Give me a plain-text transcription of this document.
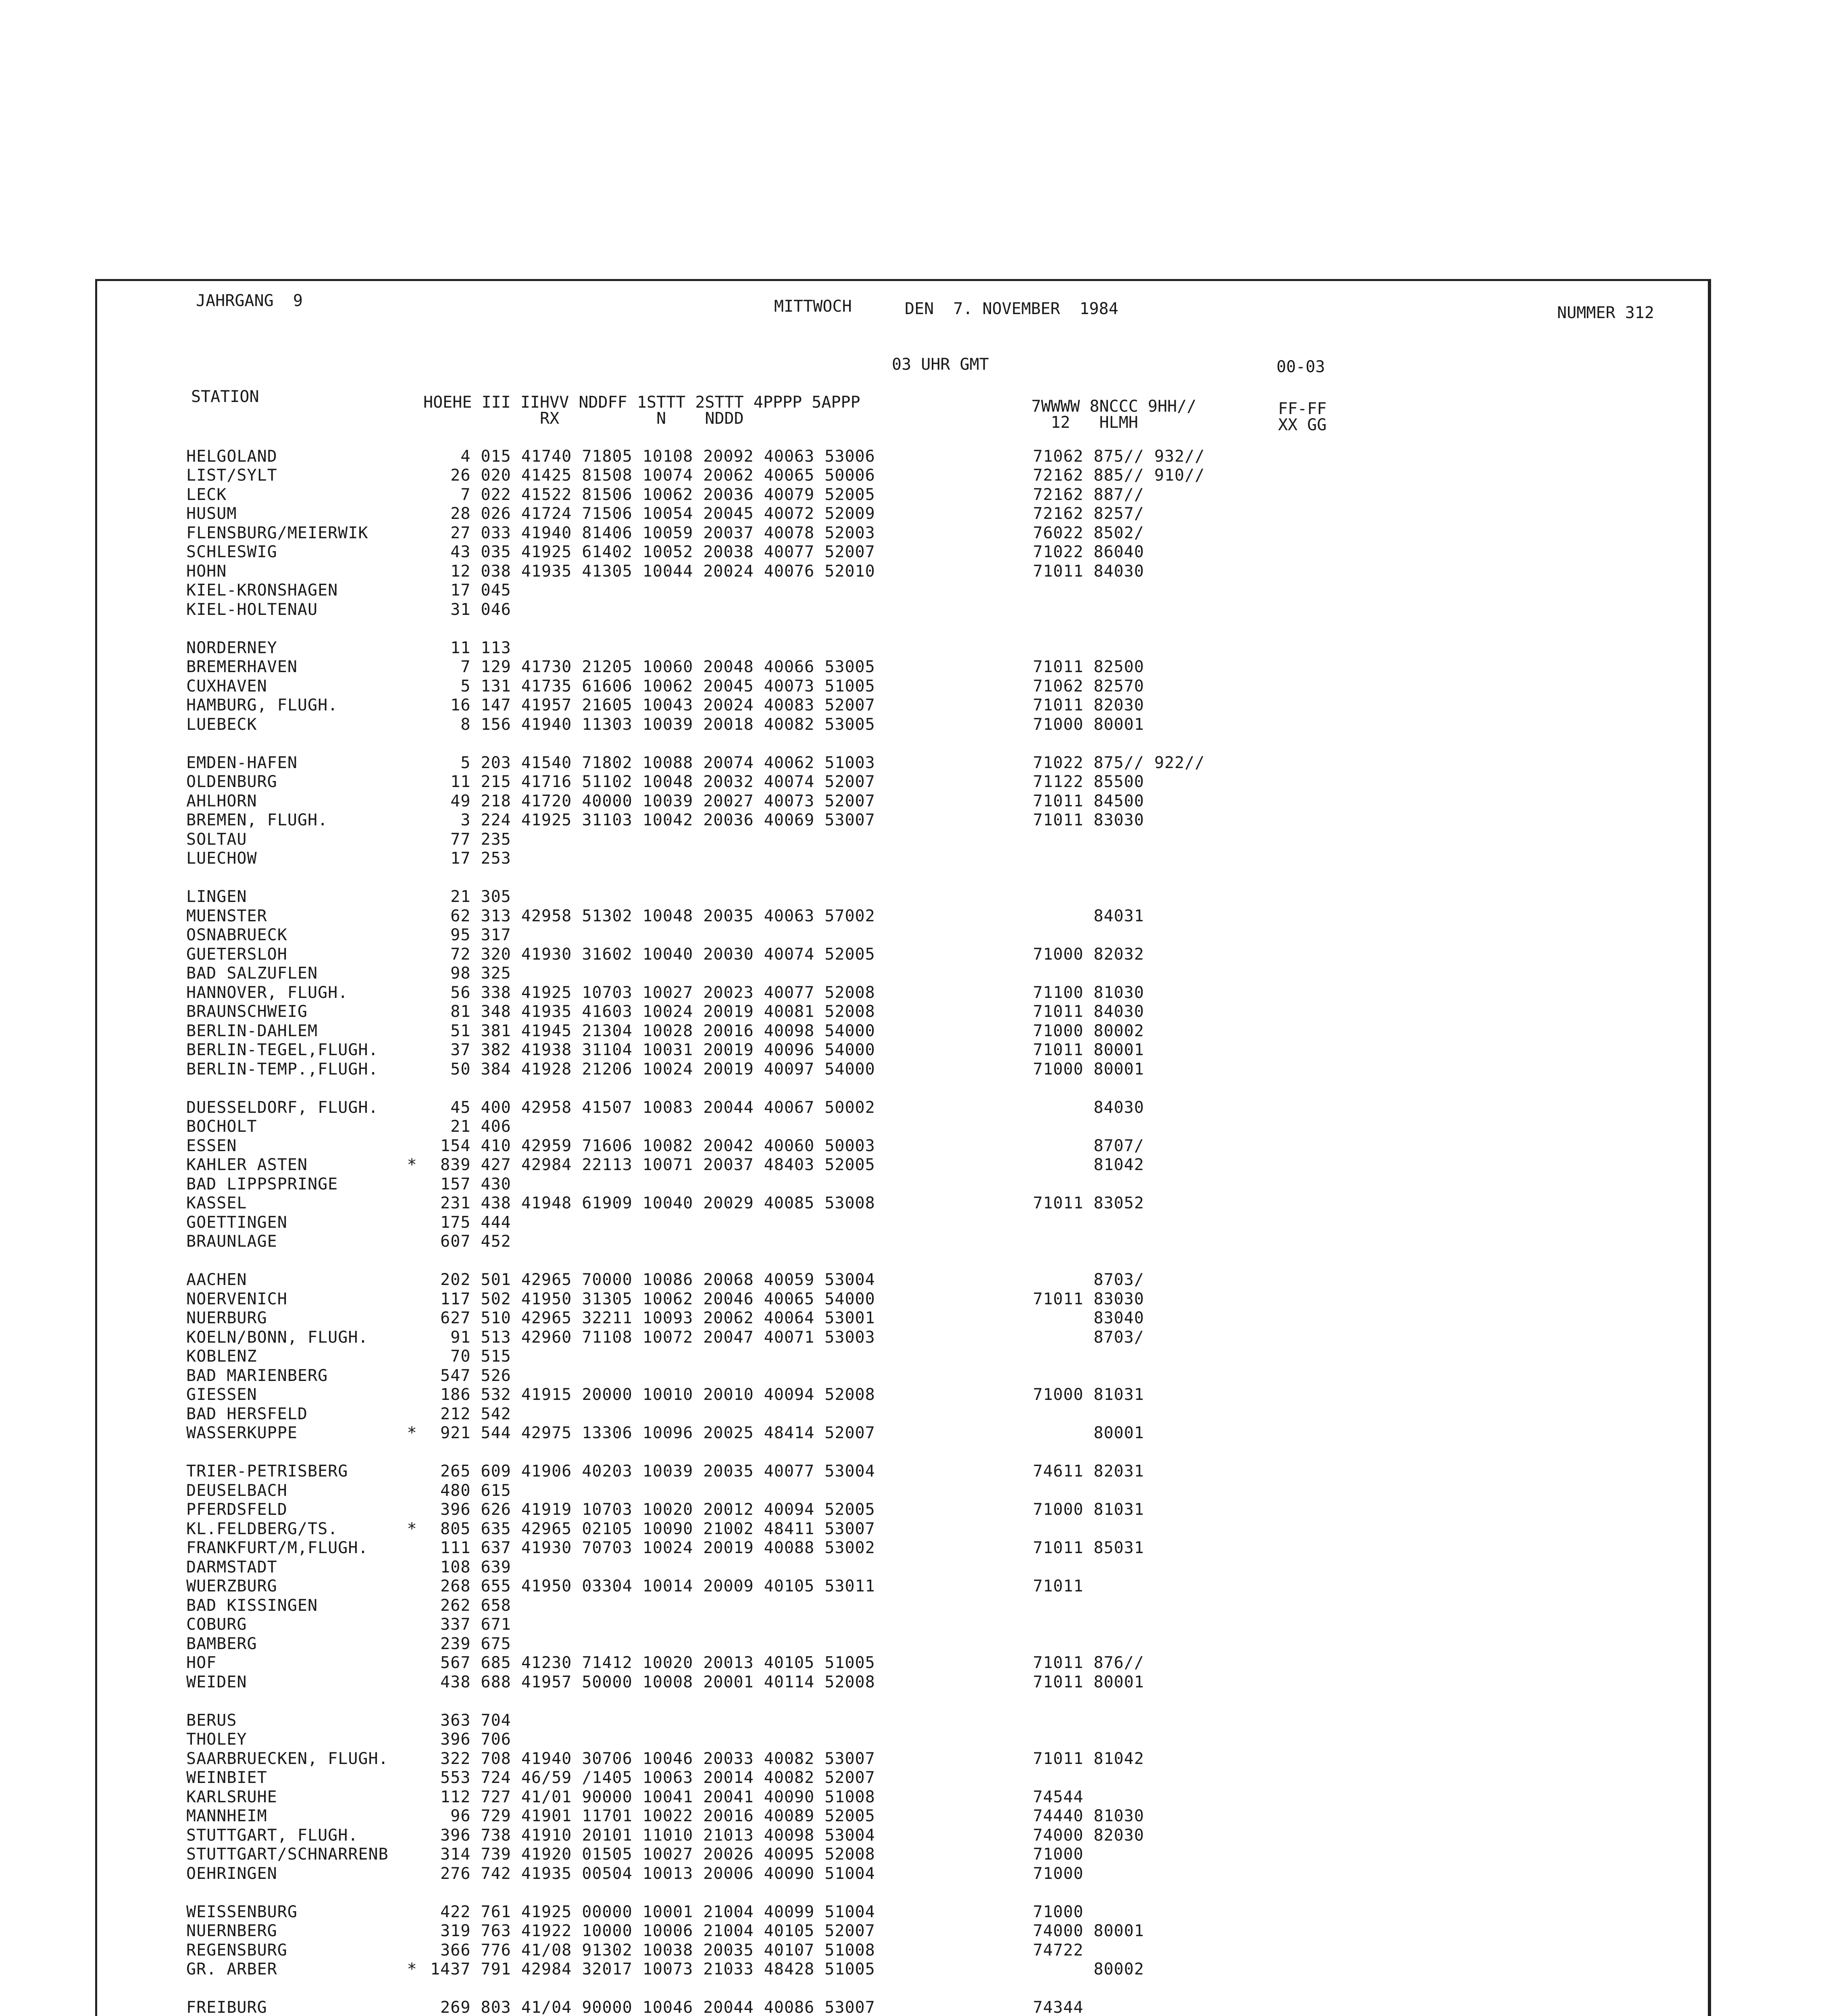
JAHRGANG 9	MITTWOCH	DEN  7. NOVEMBER  1984	NUMMER 312
03 UHR GMT	00-03
STATION	HOEHE III IIHVV NDDFF 1STTT 2STTT 4PPPP 5APPP
RX          N    NDDD
7WWWW 8NCCC 9HH//
12   HLMH
FF-FF
XX GG
HELGOLAND	4 015 41740 71805 10108 20092 40063 53006	71062 875// 932//
LIST/SYLT	26 020 41425 81508 10074 20062 40065 50006	72162 885// 910//
LECK	7 022 41522 81506 10062 20036 40079 52005	72162 887//
HUSUM	28 026 41724 71506 10054 20045 40072 52009	72162 8257/
FLENSBURG/MEIERWIK	27 033 41940 81406 10059 20037 40078 52003	76022 8502/
SCHLESWIG	43 035 41925 61402 10052 20038 40077 52007	71022 86040
HOHN	12 038 41935 41305 10044 20024 40076 52010	71011 84030
KIEL-KRONSHAGEN	17 045
KIEL-HOLTENAU	31 046
NORDERNEY	11 113
BREMERHAVEN	7 129 41730 21205 10060 20048 40066 53005	71011 82500
CUXHAVEN	5 131 41735 61606 10062 20045 40073 51005	71062 82570
HAMBURG, FLUGH.	16 147 41957 21605 10043 20024 40083 52007	71011 82030
LUEBECK	8 156 41940 11303 10039 20018 40082 53005	71000 80001
EMDEN-HAFEN	5 203 41540 71802 10088 20074 40062 51003	71022 875// 922//
OLDENBURG	11 215 41716 51102 10048 20032 40074 52007	71122 85500
AHLHORN	49 218 41720 40000 10039 20027 40073 52007	71011 84500
BREMEN, FLUGH.	3 224 41925 31103 10042 20036 40069 53007	71011 83030
SOLTAU	77 235
LUECHOW	17 253
LINGEN	21 305
MUENSTER	62 313 42958 51302 10048 20035 40063 57002	84031
OSNABRUECK	95 317
GUETERSLOH	72 320 41930 31602 10040 20030 40074 52005	71000 82032
BAD SALZUFLEN	98 325
HANNOVER, FLUGH.	56 338 41925 10703 10027 20023 40077 52008	71100 81030
BRAUNSCHWEIG	81 348 41935 41603 10024 20019 40081 52008	71011 84030
BERLIN-DAHLEM	51 381 41945 21304 10028 20016 40098 54000	71000 80002
BERLIN-TEGEL,FLUGH.	37 382 41938 31104 10031 20019 40096 54000	71011 80001
BERLIN-TEMP.,FLUGH.	50 384 41928 21206 10024 20019 40097 54000	71000 80001
DUESSELDORF, FLUGH.	45 400 42958 41507 10083 20044 40067 50002	84030
BOCHOLT	21 406
ESSEN	154 410 42959 71606 10082 20042 40060 50003	8707/
KAHLER ASTEN	* 839 427 42984 22113 10071 20037 48403 52005	81042
BAD LIPPSPRINGE	157 430
KASSEL	231 438 41948 61909 10040 20029 40085 53008	71011 83052
GOETTINGEN	175 444
BRAUNLAGE	607 452
AACHEN	202 501 42965 70000 10086 20068 40059 53004	8703/
NOERVENICH	117 502 41950 31305 10062 20046 40065 54000	71011 83030
NUERBURG	627 510 42965 32211 10093 20062 40064 53001	83040
KOELN/BONN, FLUGH.	91 513 42960 71108 10072 20047 40071 53003	8703/
KOBLENZ	70 515
BAD MARIENBERG	547 526
GIESSEN	186 532 41915 20000 10010 20010 40094 52008	71000 81031
BAD HERSFELD	212 542
WASSERKUPPE	* 921 544 42975 13306 10096 20025 48414 52007	80001
TRIER-PETRISBERG	265 609 41906 40203 10039 20035 40077 53004	74611 82031
DEUSELBACH	480 615
PFERDSFELD	396 626 41919 10703 10020 20012 40094 52005	71000 81031
KL.FELDBERG/TS.	* 805 635 42965 02105 10090 21002 48411 53007
FRANKFURT/M,FLUGH.	111 637 41930 70703 10024 20019 40088 53002	71011 85031
DARMSTADT	108 639
WUERZBURG	268 655 41950 03304 10014 20009 40105 53011	71011
BAD KISSINGEN	262 658
COBURG	337 671
BAMBERG	239 675
HOF	567 685 41230 71412 10020 20013 40105 51005	71011 876//
WEIDEN	438 688 41957 50000 10008 20001 40114 52008	71011 80001
BERUS	363 704
THOLEY	396 706
SAARBRUECKEN, FLUGH.	322 708 41940 30706 10046 20033 40082 53007	71011 81042
WEINBIET	553 724 46/59 /1405 10063 20014 40082 52007
KARLSRUHE	112 727 41/01 90000 10041 20041 40090 51008	74544
MANNHEIM	96 729 41901 11701 10022 20016 40089 52005	74440 81030
STUTTGART, FLUGH.	396 738 41910 20101 11010 21013 40098 53004	74000 82030
STUTTGART/SCHNARRENB	314 739 41920 01505 10027 20026 40095 52008	71000
OEHRINGEN	276 742 41935 00504 10013 20006 40090 51004	71000
WEISSENBURG	422 761 41925 00000 10001 21004 40099 51004	71000
NUERNBERG	319 763 41922 10000 10006 21004 40105 52007	74000 80001
REGENSBURG	366 776 41/08 91302 10038 20035 40107 51008	74722
GR. ARBER	* 1437 791 42984 32017 10073 21033 48428 51005	80002
FREIBURG	269 803 41/04 90000 10046 20044 40086 53007	74344
